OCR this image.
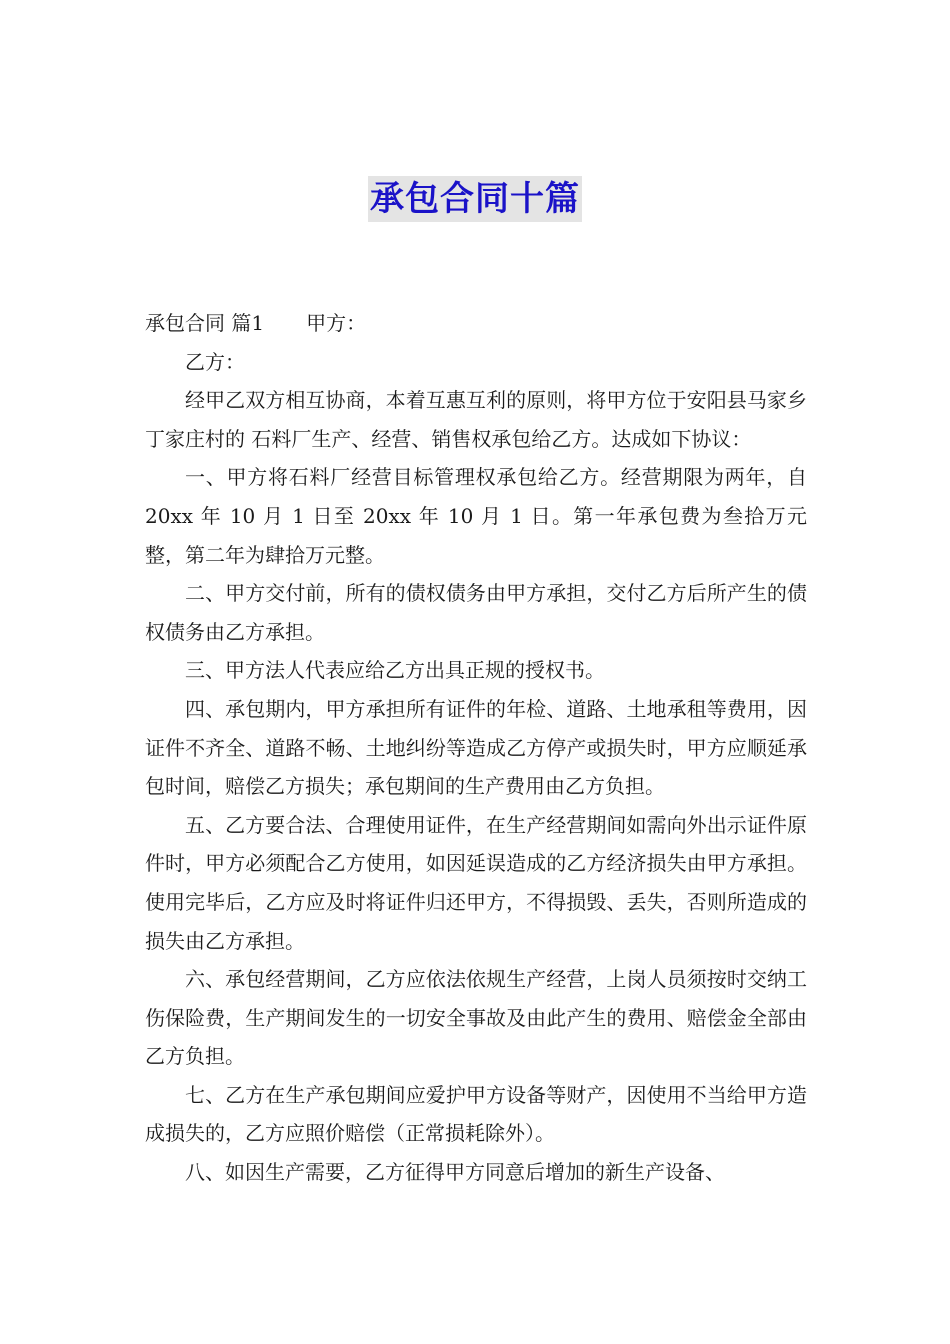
承包合同十篇

承包合同 篇1 甲方：

乙方：

经甲乙双方相互协商，本着互惠互利的原则，将甲方位于安阳县马家乡丁家庄村的 石料厂生产、经营、销售权承包给乙方。达成如下协议：

一、甲方将石料厂经营目标管理权承包给乙方。经营期限为两年，自 20xx 年 10 月 1 日至 20xx 年 10 月 1 日。第一年承包费为叁拾万元整，第二年为肆拾万元整。

二、甲方交付前，所有的债权债务由甲方承担，交付乙方后所产生的债权债务由乙方承担。

三、甲方法人代表应给乙方出具正规的授权书。

四、承包期内，甲方承担所有证件的年检、道路、土地承租等费用，因证件不齐全、道路不畅、土地纠纷等造成乙方停产或损失时，甲方应顺延承包时间，赔偿乙方损失；承包期间的生产费用由乙方负担。

五、乙方要合法、合理使用证件，在生产经营期间如需向外出示证件原件时，甲方必须配合乙方使用，如因延误造成的乙方经济损失由甲方承担。使用完毕后，乙方应及时将证件归还甲方，不得损毁、丢失，否则所造成的损失由乙方承担。

六、承包经营期间，乙方应依法依规生产经营，上岗人员须按时交纳工伤保险费，生产期间发生的一切安全事故及由此产生的费用、赔偿金全部由乙方负担。

七、乙方在生产承包期间应爱护甲方设备等财产，因使用不当给甲方造成损失的，乙方应照价赔偿（正常损耗除外）。

八、如因生产需要，乙方征得甲方同意后增加的新生产设备、
